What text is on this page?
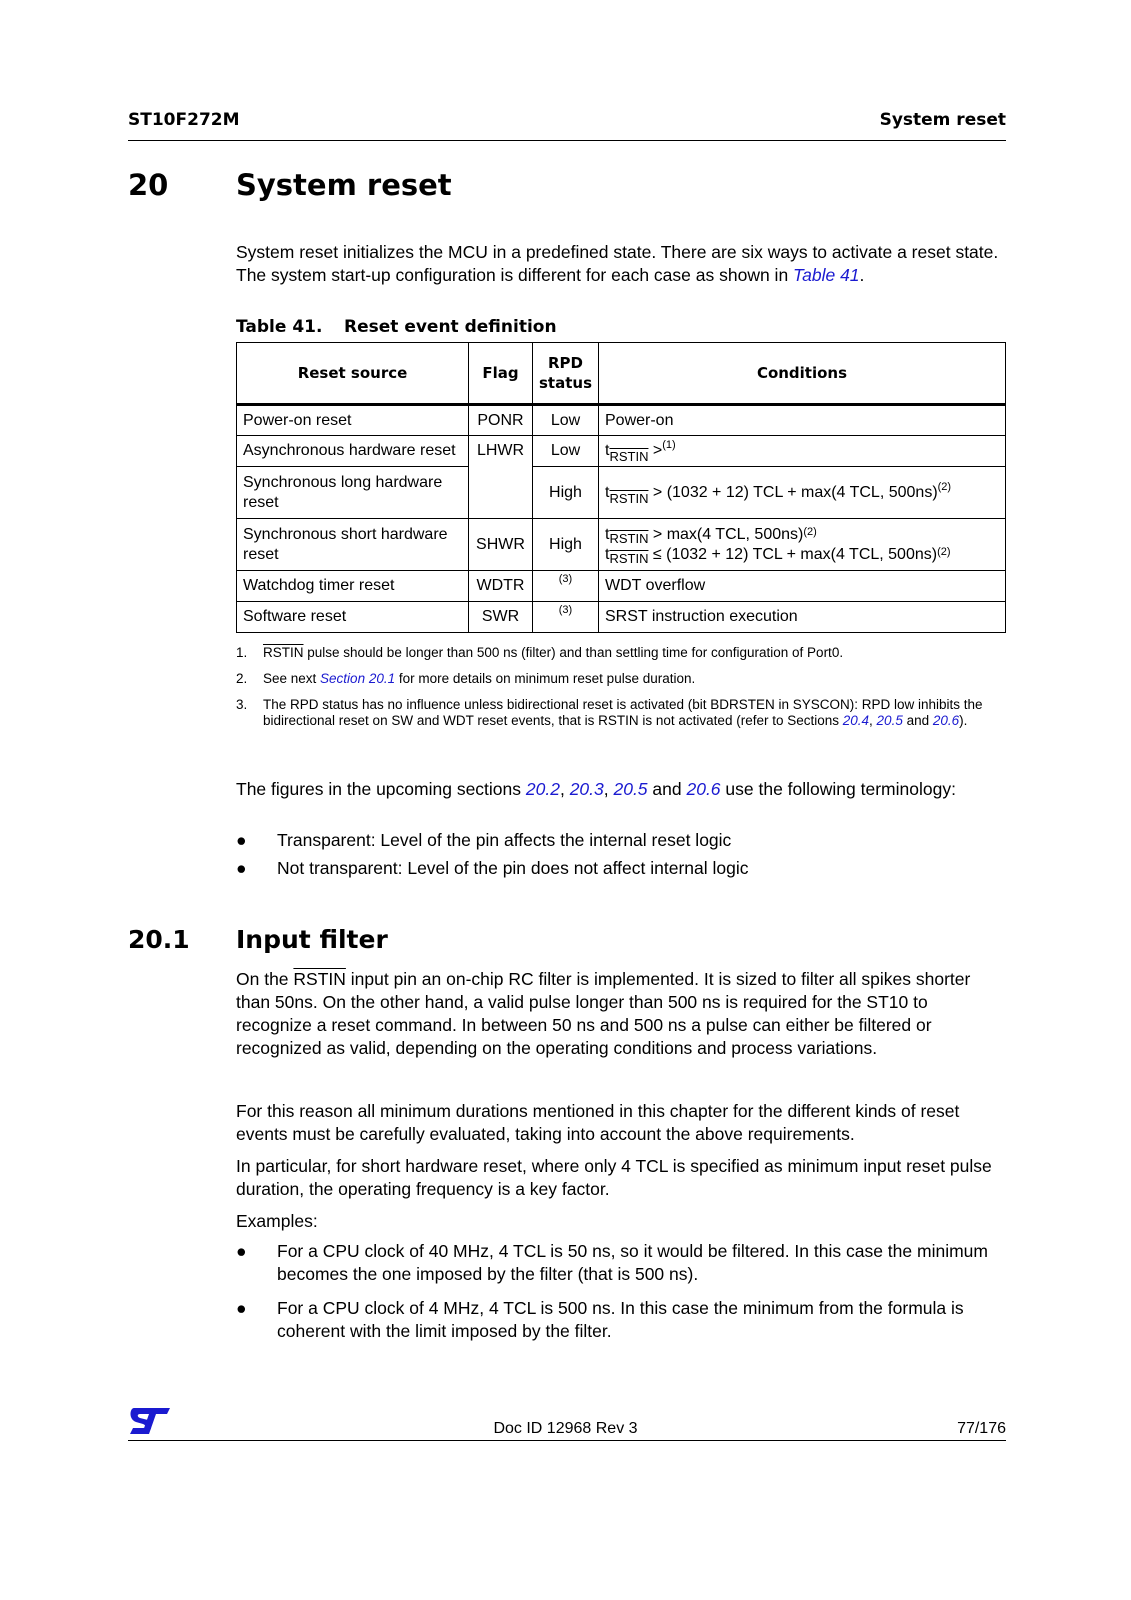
ST10F272M	System reset
20 System reset
System reset initializes the MCU in a predefined state. There are six ways to activate a reset state. The system start-up configuration is different for each case as shown in Table 41.
Table 41. Reset event definition
Reset source	Flag	RPD status	Conditions
Power-on reset	PONR	Low	Power-on
Asynchronous hardware reset	LHWR	Low	$t_{RSTIN} >^{(1)}$
Synchronous long hardware reset		High	$t_{RSTIN} > (1032 + 12)$ TCL + max(4 TCL, 500ns)$^{(2)}$
Synchronous short hardware reset	SHWR	High	$t_{RSTIN} > \max(4$ TCL, 500ns)$^{(2)}$
$t_{RSTIN} \le (1032 + 12)$ TCL + max(4 TCL, 500ns)$^{(2)}$

Watchdog timer reset	WDTR	$^{(3)}$	WDT overflow
Software reset	SWR	$^{(3)}$	SRST instruction execution
1. RSTIN pulse should be longer than 500 ns (filter) and than settling time for configuration of Port0.
2. See next Section 20.1 for more details on minimum reset pulse duration.
3. The RPD status has no influence unless bidirectional reset is activated (bit BDRSTEN in SYSCON): RPD low inhibits the bidirectional reset on SW and WDT reset events, that is RSTIN is not activated (refer to Sections 20.4, 20.5 and 20.6).
The figures in the upcoming sections 20.2, 20.3, 20.5 and 20.6 use the following terminology:
● Transparent: Level of the pin affects the internal reset logic
● Not transparent: Level of the pin does not affect internal logic
20.1 Input filter
On the RSTIN input pin an on-chip RC filter is implemented. It is sized to filter all spikes shorter than 50ns. On the other hand, a valid pulse longer than 500 ns is required for the ST10 to recognize a reset command. In between 50 ns and 500 ns a pulse can either be filtered or recognized as valid, depending on the operating conditions and process variations.
For this reason all minimum durations mentioned in this chapter for the different kinds of reset events must be carefully evaluated, taking into account the above requirements.
In particular, for short hardware reset, where only 4 TCL is specified as minimum input reset pulse duration, the operating frequency is a key factor.
Examples:
● For a CPU clock of 40 MHz, 4 TCL is 50 ns, so it would be filtered. In this case the minimum becomes the one imposed by the filter (that is 500 ns).
● For a CPU clock of 4 MHz, 4 TCL is 500 ns. In this case the minimum from the formula is coherent with the limit imposed by the filter.
Doc ID 12968 Rev 3	77/176
